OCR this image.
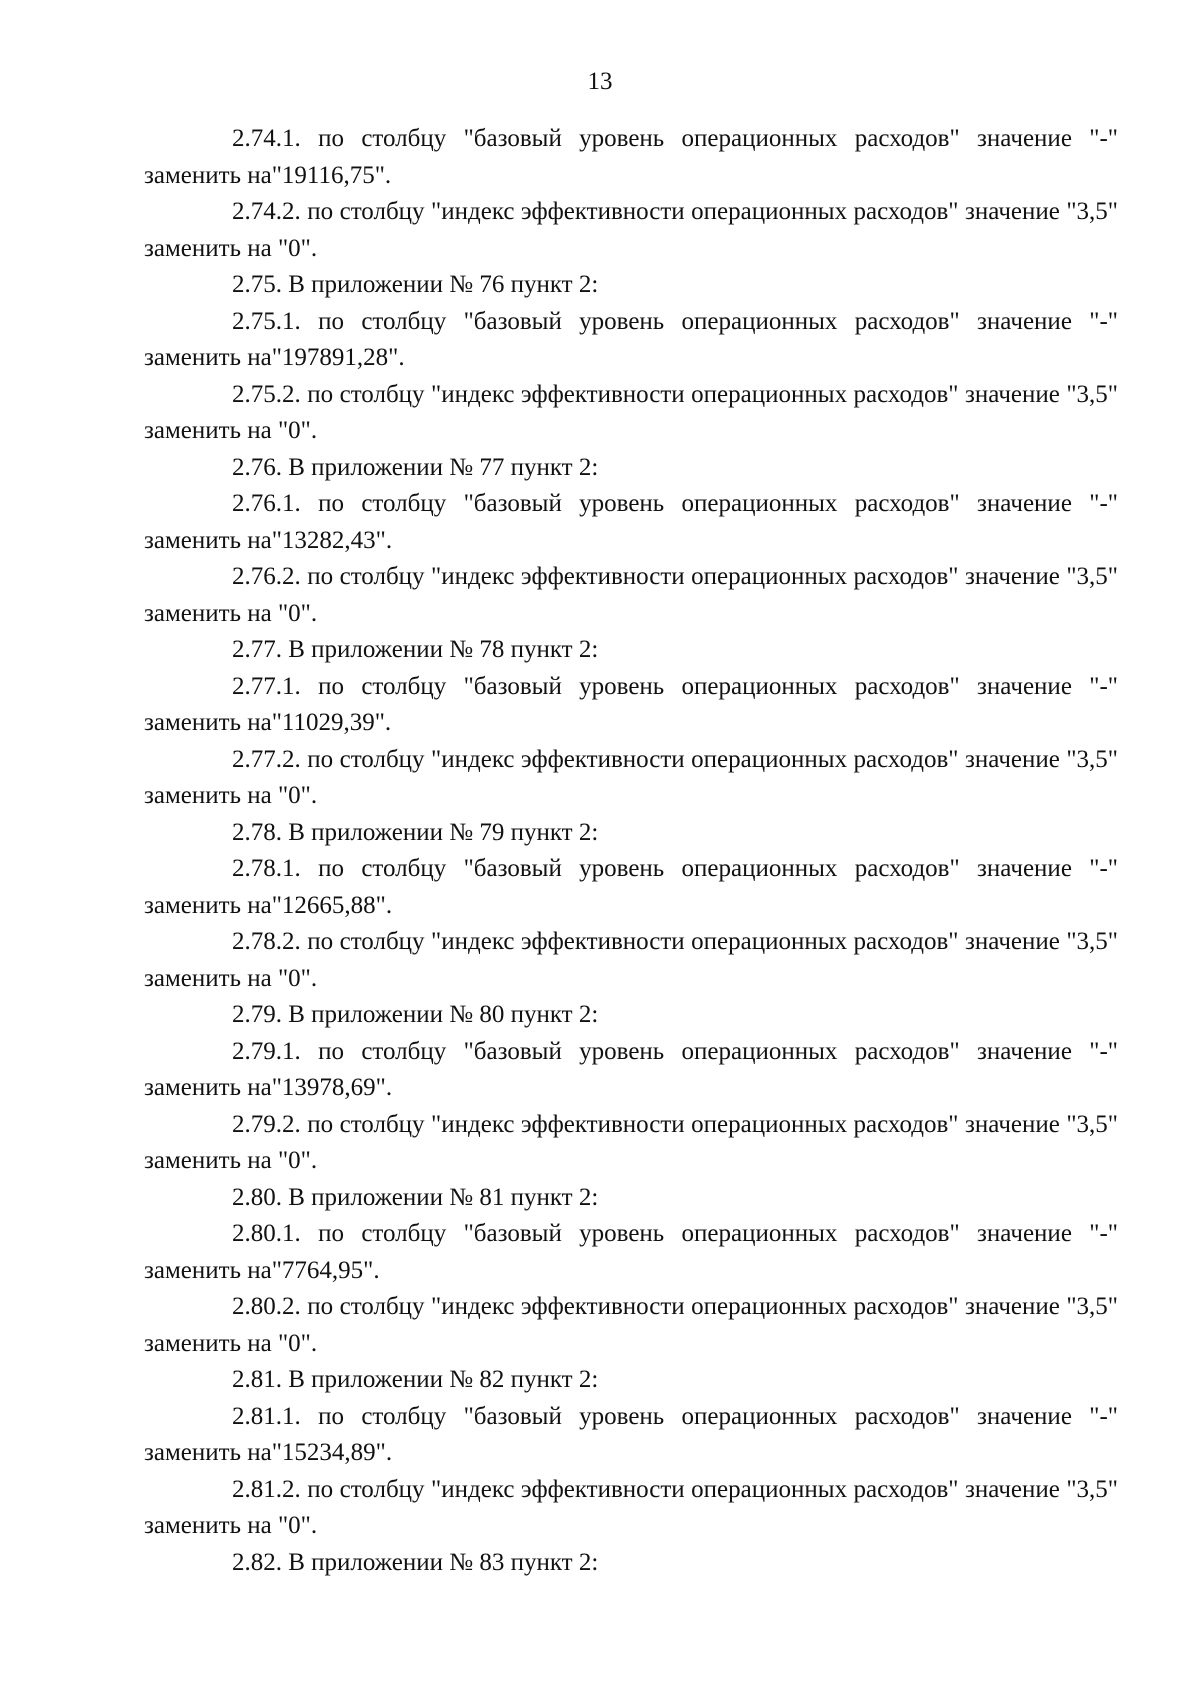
13

2.74.1. по столбцу "базовый уровень операционных расходов" значение "-" заменить на"19116,75".

2.74.2. по столбцу "индекс эффективности операционных расходов" значение "3,5" заменить на "0".

2.75. В приложении № 76 пункт 2:

2.75.1. по столбцу "базовый уровень операционных расходов" значение "-" заменить на"197891,28".

2.75.2. по столбцу "индекс эффективности операционных расходов" значение "3,5" заменить на "0".

2.76. В приложении № 77 пункт 2:

2.76.1. по столбцу "базовый уровень операционных расходов" значение "-" заменить на"13282,43".

2.76.2. по столбцу "индекс эффективности операционных расходов" значение "3,5" заменить на "0".

2.77. В приложении № 78 пункт 2:

2.77.1. по столбцу "базовый уровень операционных расходов" значение "-" заменить на"11029,39".

2.77.2. по столбцу "индекс эффективности операционных расходов" значение "3,5" заменить на "0".

2.78. В приложении № 79 пункт 2:

2.78.1. по столбцу "базовый уровень операционных расходов" значение "-" заменить на"12665,88".

2.78.2. по столбцу "индекс эффективности операционных расходов" значение "3,5" заменить на "0".

2.79. В приложении № 80 пункт 2:

2.79.1. по столбцу "базовый уровень операционных расходов" значение "-" заменить на"13978,69".

2.79.2. по столбцу "индекс эффективности операционных расходов" значение "3,5" заменить на "0".

2.80. В приложении № 81 пункт 2:

2.80.1. по столбцу "базовый уровень операционных расходов" значение "-" заменить на"7764,95".

2.80.2. по столбцу "индекс эффективности операционных расходов" значение "3,5" заменить на "0".

2.81. В приложении № 82 пункт 2:

2.81.1. по столбцу "базовый уровень операционных расходов" значение "-" заменить на"15234,89".

2.81.2. по столбцу "индекс эффективности операционных расходов" значение "3,5" заменить на "0".

2.82. В приложении № 83 пункт 2:
